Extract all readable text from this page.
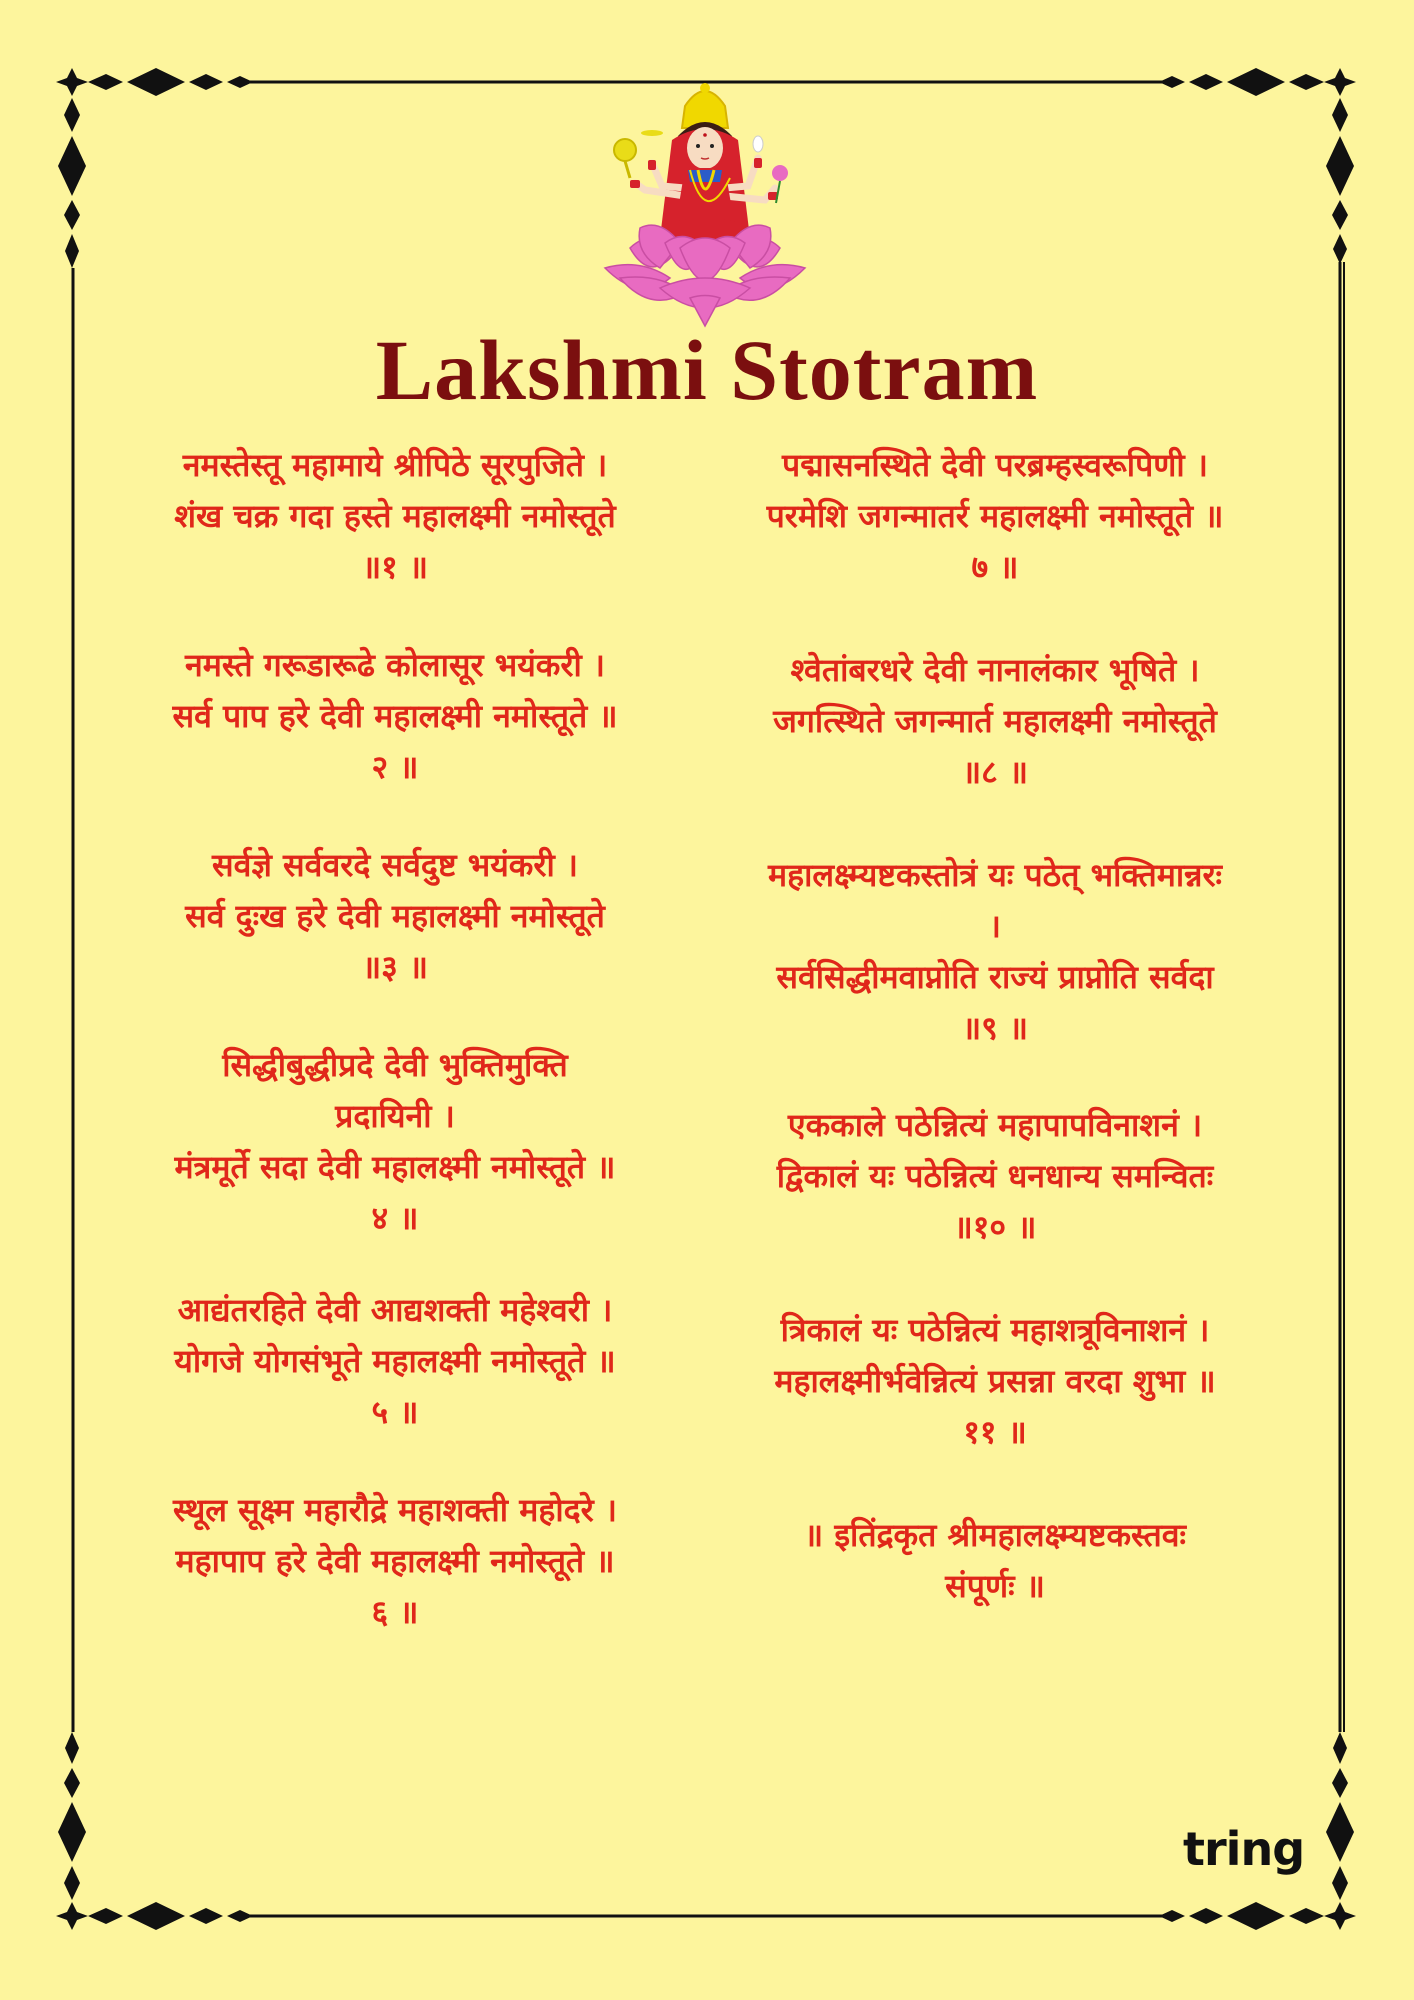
Lakshmi Stotram
नमस्तेस्तू महामाये श्रीपिठे सूरपुजिते ।
शंख चक्र गदा हस्ते महालक्ष्मी नमोस्तूते
॥१ ॥
नमस्ते गरूडारूढे कोलासूर भयंकरी ।
सर्व पाप हरे देवी महालक्ष्मी नमोस्तूते ॥
२ ॥
सर्वज्ञे सर्ववरदे सर्वदुष्ट भयंकरी ।
सर्व दुःख हरे देवी महालक्ष्मी नमोस्तूते
॥३ ॥
सिद्धीबुद्धीप्रदे देवी भुक्तिमुक्ति
प्रदायिनी ।
मंत्रमूर्ते सदा देवी महालक्ष्मी नमोस्तूते ॥
४ ॥
आद्यंतरहिते देवी आद्यशक्ती महेश्वरी ।
योगजे योगसंभूते महालक्ष्मी नमोस्तूते ॥
५ ॥
स्थूल सूक्ष्म महारौद्रे महाशक्ती महोदरे ।
महापाप हरे देवी महालक्ष्मी नमोस्तूते ॥
६ ॥
पद्मासनस्थिते देवी परब्रम्हस्वरूपिणी ।
परमेशि जगन्मातर्र महालक्ष्मी नमोस्तूते ॥
७ ॥
श्वेतांबरधरे देवी नानालंकार भूषिते ।
जगत्स्थिते जगन्मार्त महालक्ष्मी नमोस्तूते
॥८ ॥
महालक्ष्म्यष्टकस्तोत्रं यः पठेत् भक्तिमान्नरः
।
सर्वसिद्धीमवाप्नोति राज्यं प्राप्नोति सर्वदा
॥९ ॥
एककाले पठेन्नित्यं महापापविनाशनं ।
द्विकालं यः पठेन्नित्यं धनधान्य समन्वितः
॥१० ॥
त्रिकालं यः पठेन्नित्यं महाशत्रूविनाशनं ।
महालक्ष्मीर्भवेन्नित्यं प्रसन्ना वरदा शुभा ॥
११ ॥
॥ इतिंद्रकृत श्रीमहालक्ष्म्यष्टकस्तवः
संपूर्णः ॥
tring
